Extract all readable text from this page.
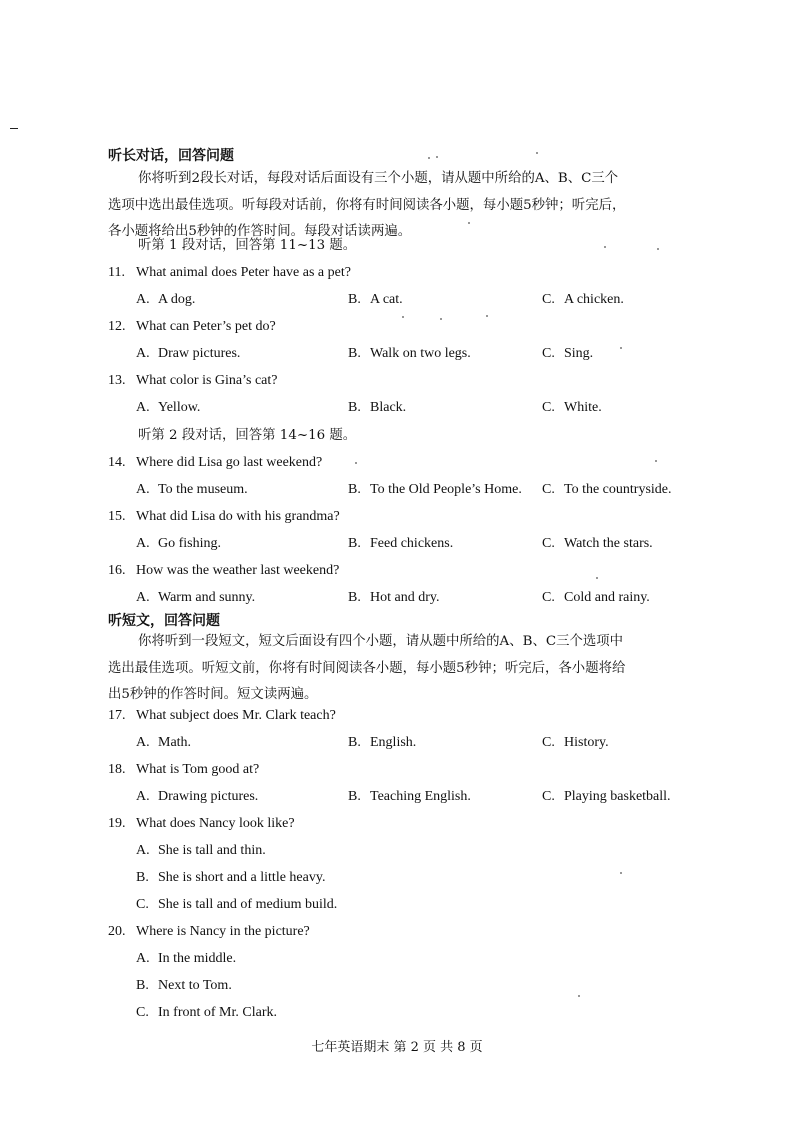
听长对话，回答问题
你将听到2段长对话，每段对话后面设有三个小题，请从题中所给的A、B、C三个
选项中选出最佳选项。听每段对话前，你将有时间阅读各小题，每小题5秒钟；听完后，
各小题将给出5秒钟的作答时间。每段对话读两遍。
听第 1 段对话，回答第 11~13 题。
11. What animal does Peter have as a pet?
A. A dog.	B. A cat.	C. A chicken.
12. What can Peter’s pet do?
A. Draw pictures.	B. Walk on two legs.	C. Sing.
13. What color is Gina’s cat?
A. Yellow.	B. Black.	C. White.
听第 2 段对话，回答第 14~16 题。
14. Where did Lisa go last weekend?
A. To the museum.	B. To the Old People’s Home. C. To the countryside.
15. What did Lisa do with his grandma?
A. Go fishing.	B. Feed chickens.	C. Watch the stars.
16. How was the weather last weekend?
A. Warm and sunny.	B. Hot and dry.	C. Cold and rainy.
听短文，回答问题
你将听到一段短文，短文后面设有四个小题，请从题中所给的A、B、C三个选项中
选出最佳选项。听短文前，你将有时间阅读各小题，每小题5秒钟；听完后，各小题将给
出5秒钟的作答时间。短文读两遍。
17. What subject does Mr. Clark teach?
A. Math.	B. English.	C. History.
18. What is Tom good at?
A. Drawing pictures.	B. Teaching English.	C. Playing basketball.
19. What does Nancy look like?
A. She is tall and thin.
B. She is short and a little heavy.
C. She is tall and of medium build.
20. Where is Nancy in the picture?
A. In the middle.
B. Next to Tom.
C. In front of Mr. Clark.
七年英语期末 第 2 页 共 8 页
